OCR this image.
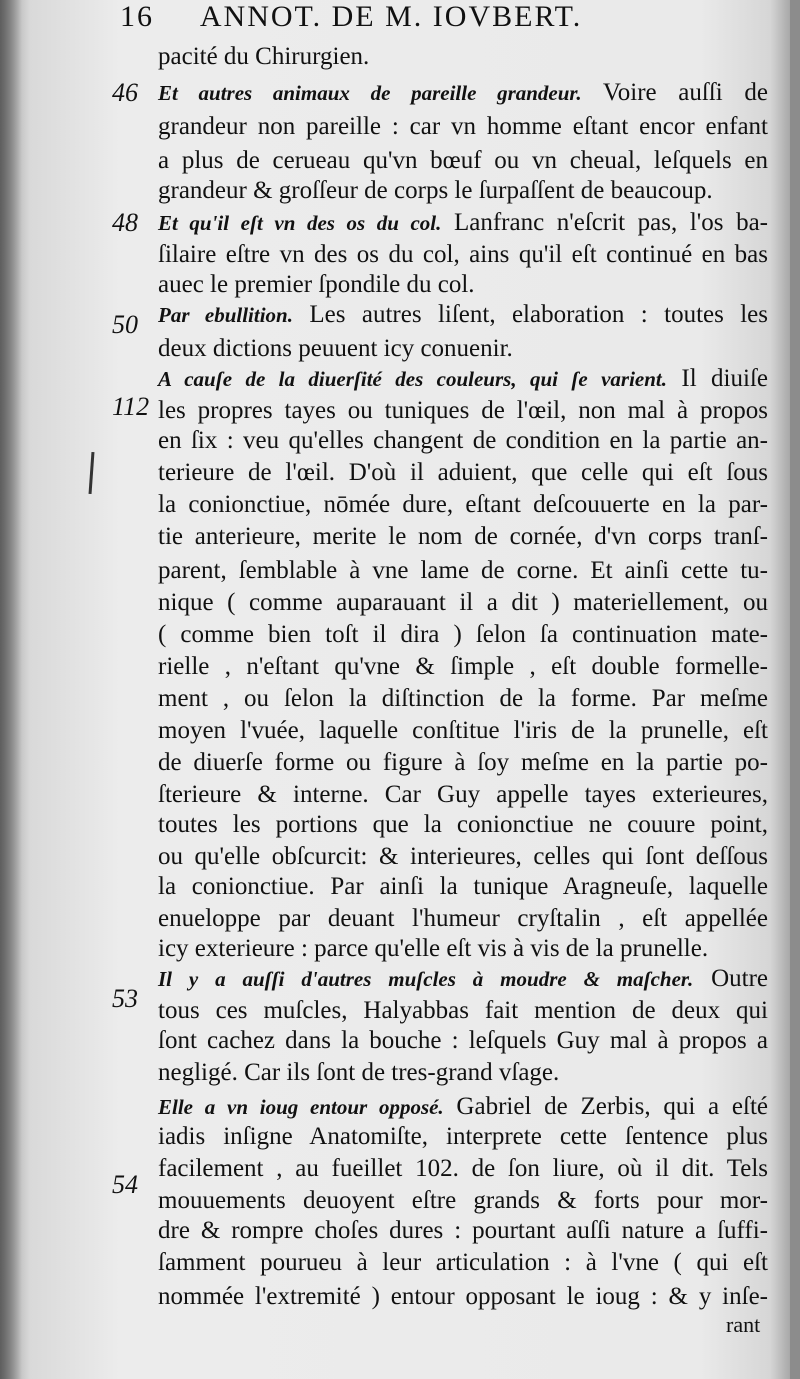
16 ANNOT. DE M. IOVBERT.
46
48
50
112
53
54
pacité du Chirurgien.
Et autres animaux de pareille grandeur. Voire auſſi de
grandeur non pareille : car vn homme eſtant encor enfant
a plus de cerueau qu'vn bœuf ou vn cheual, leſquels en
grandeur & groſſeur de corps le ſurpaſſent de beaucoup.
Et qu'il eſt vn des os du col. Lanfranc n'eſcrit pas, l'os ba-
ſilaire eſtre vn des os du col, ains qu'il eſt continué en bas
auec le premier ſpondile du col.
Par ebullition. Les autres liſent, elaboration : toutes les
deux dictions peuuent icy conuenir.
A cauſe de la diuerſité des couleurs, qui ſe varient. Il diuiſe
les propres tayes ou tuniques de l'œil, non mal à propos
en ſix : veu qu'elles changent de condition en la partie an-
terieure de l'œil. D'où il aduient, que celle qui eſt ſous
la conionctiue, nōmée dure, eſtant deſcouuerte en la par-
tie anterieure, merite le nom de cornée, d'vn corps tranſ-
parent, ſemblable à vne lame de corne. Et ainſi cette tu-
nique ( comme auparauant il a dit ) materiellement, ou
( comme bien toſt il dira ) ſelon ſa continuation mate-
rielle , n'eſtant qu'vne & ſimple , eſt double formelle-
ment , ou ſelon la diſtinction de la forme. Par meſme
moyen l'vuée, laquelle conſtitue l'iris de la prunelle, eſt
de diuerſe forme ou figure à ſoy meſme en la partie po-
ſterieure & interne. Car Guy appelle tayes exterieures,
toutes les portions que la conionctiue ne couure point,
ou qu'elle obſcurcit: & interieures, celles qui ſont deſſous
la conionctiue. Par ainſi la tunique Aragneuſe, laquelle
enueloppe par deuant l'humeur cryſtalin , eſt appellée
icy exterieure : parce qu'elle eſt vis à vis de la prunelle.
Il y a auſſi d'autres muſcles à moudre & maſcher. Outre
tous ces muſcles, Halyabbas fait mention de deux qui
ſont cachez dans la bouche : leſquels Guy mal à propos a
negligé. Car ils ſont de tres-grand vſage.
Elle a vn ioug entour opposé. Gabriel de Zerbis, qui a eſté
iadis inſigne Anatomiſte, interprete cette ſentence plus
facilement , au fueillet 102. de ſon liure, où il dit. Tels
mouuements deuoyent eſtre grands & forts pour mor-
dre & rompre choſes dures : pourtant auſſi nature a ſuffi-
ſamment pourueu à leur articulation : à l'vne ( qui eſt
nommée l'extremité ) entour opposant le ioug : & y inſe-
rant
